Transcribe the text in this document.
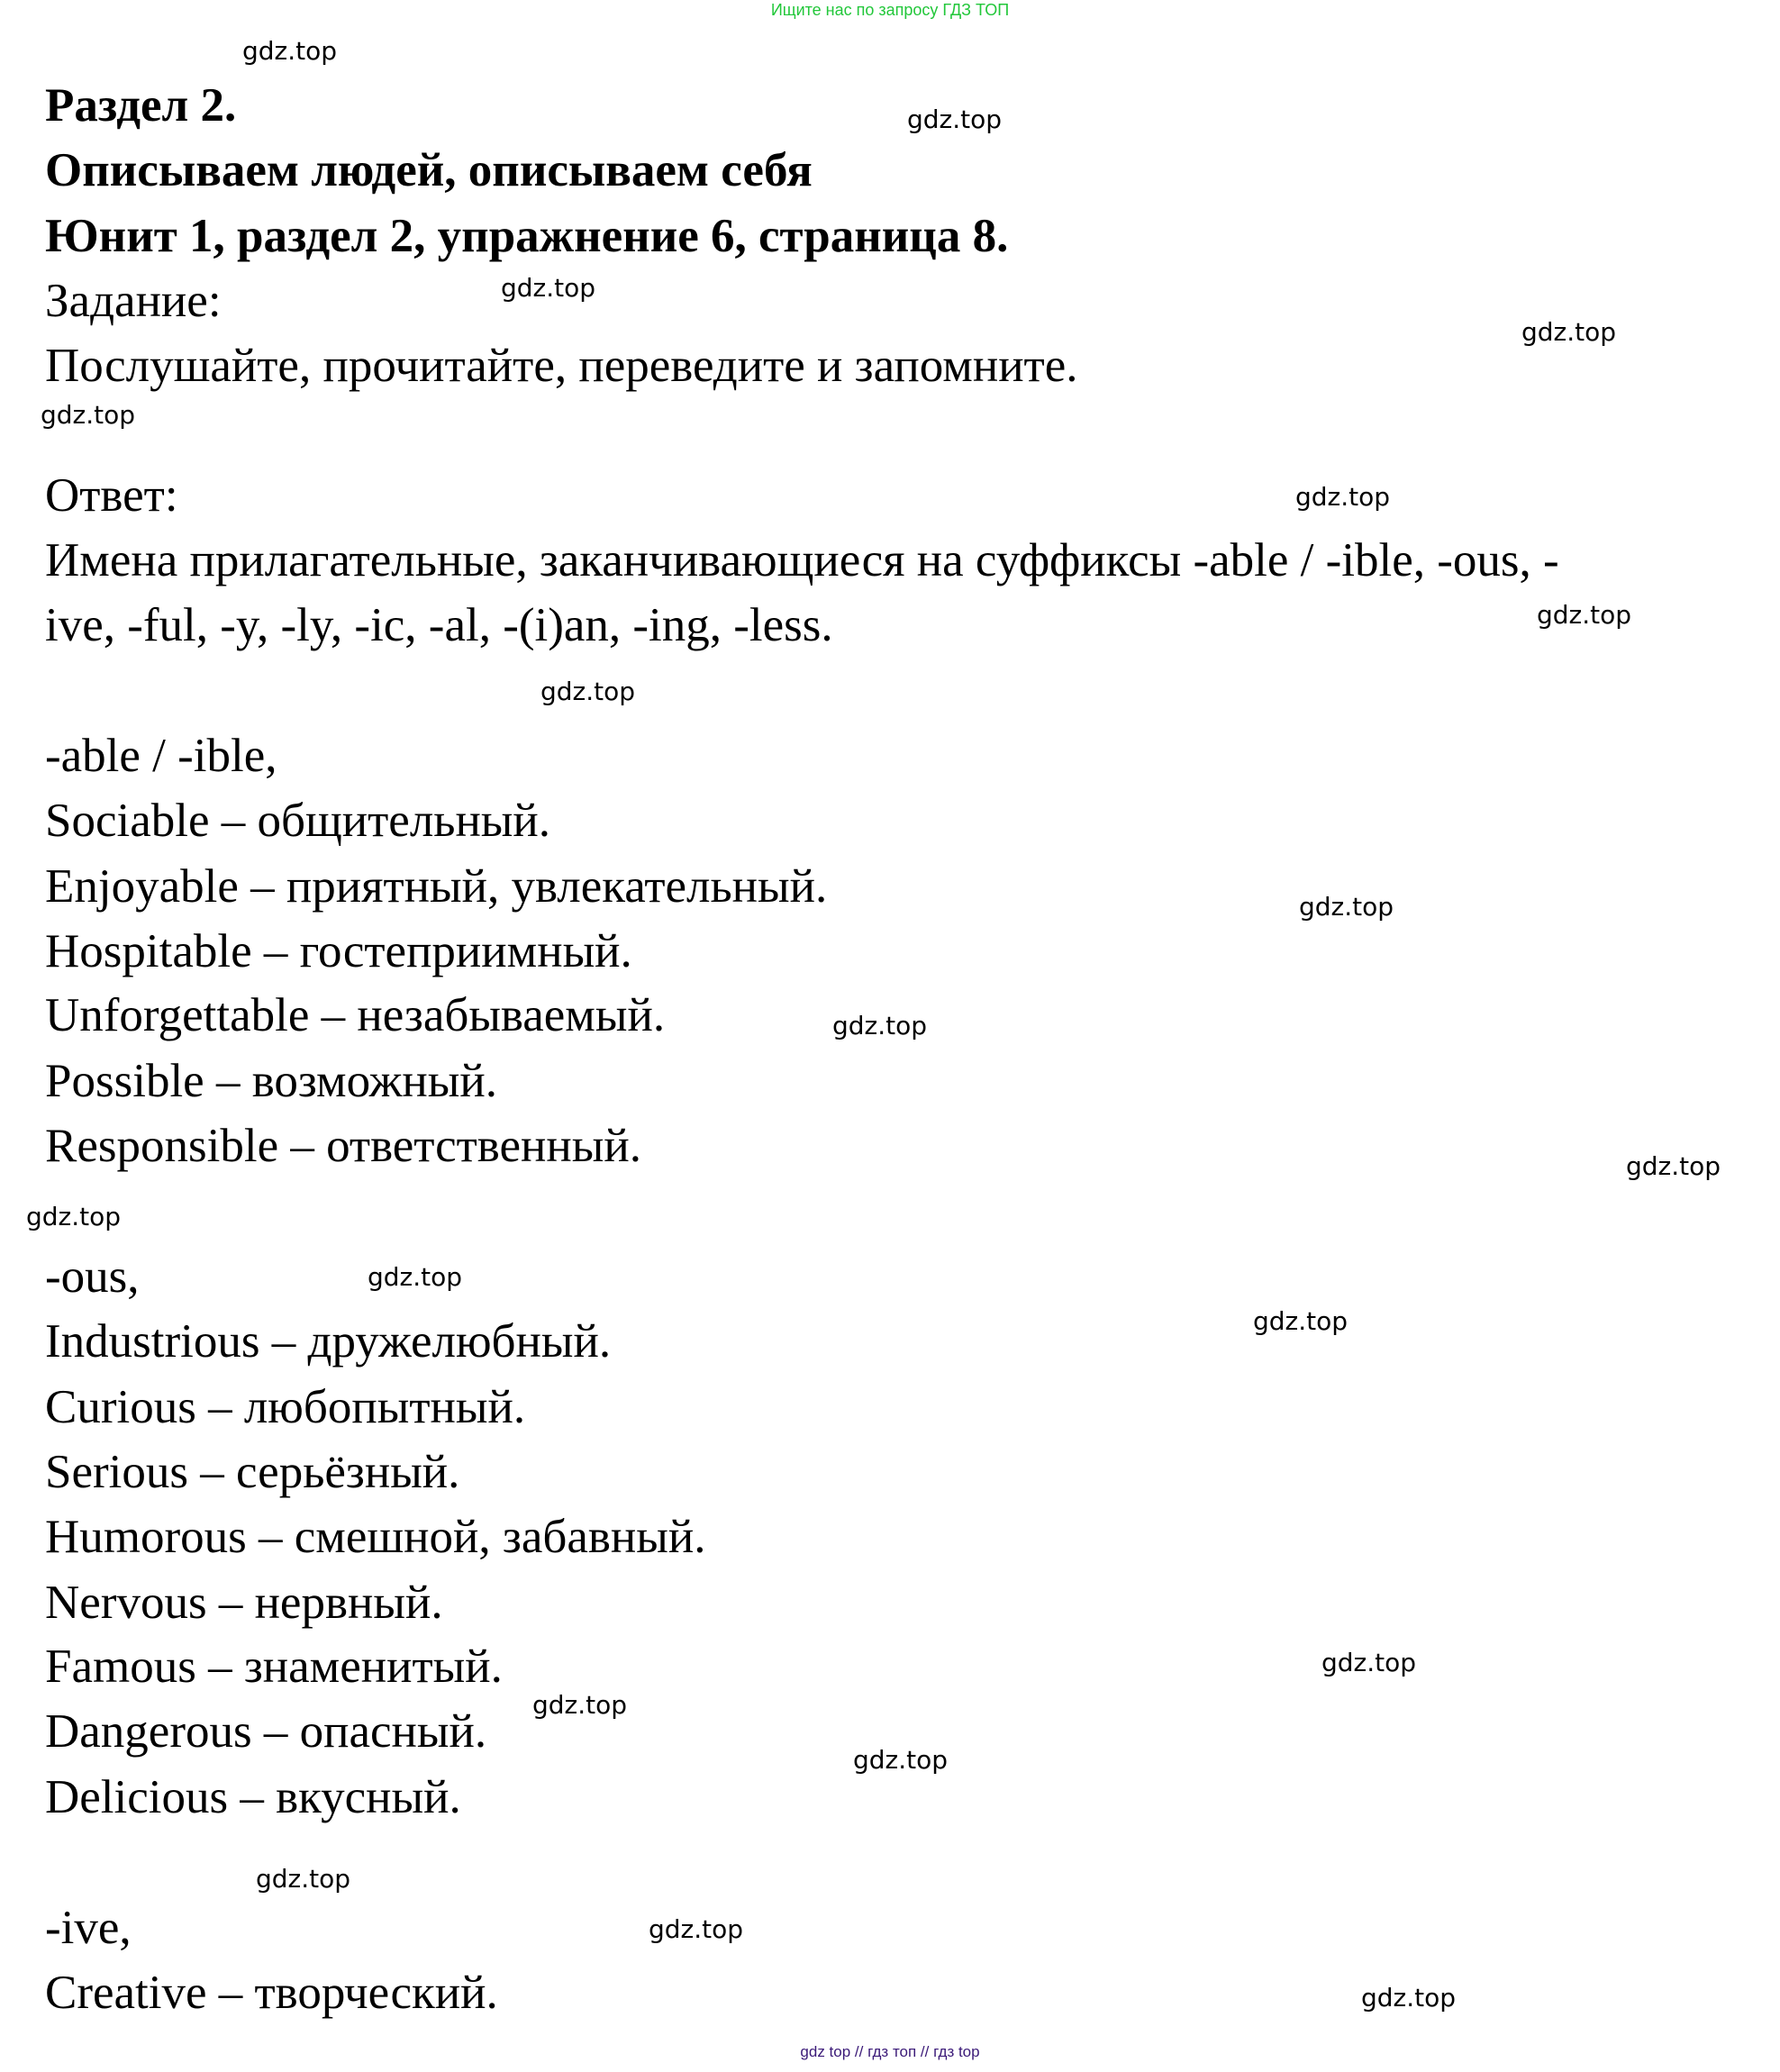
Ищите нас по запросу ГДЗ ТОП
Раздел 2.
Описываем людей, описываем себя
Юнит 1, раздел 2, упражнение 6, страница 8.
Задание:
Послушайте, прочитайте, переведите и запомните.
Ответ:
Имена прилагательные, заканчивающиеся на суффиксы -able / -ible, -ous, -
ive, -ful, -y, -ly, -ic, -al, -(i)an, -ing, -less.
-able / -ible,
Sociable – общительный.
Enjoyable – приятный, увлекательный.
Hospitable – гостеприимный.
Unforgettable – незабываемый.
Possible – возможный.
Responsible – ответственный.
-ous,
Industrious – дружелюбный.
Curious – любопытный.
Serious – серьёзный.
Humorous – смешной, забавный.
Nervous – нервный.
Famous – знаменитый.
Dangerous – опасный.
Delicious – вкусный.
-ive,
Creative – творческий.
gdz.top
gdz.top
gdz.top
gdz.top
gdz.top
gdz.top
gdz.top
gdz.top
gdz.top
gdz.top
gdz.top
gdz.top
gdz.top
gdz.top
gdz.top
gdz.top
gdz.top
gdz.top
gdz.top
gdz.top
gdz top // гдз топ // гдз top
